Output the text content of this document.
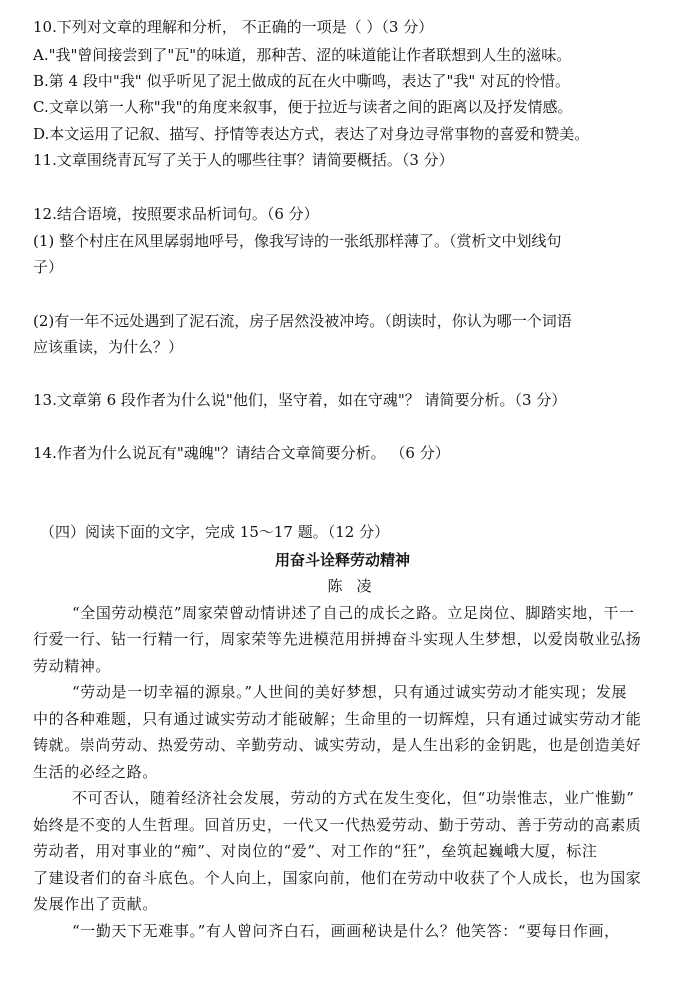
10.下列对文章的理解和分析， 不正确的一项是（ ）（3 分）
A."我"曾间接尝到了"瓦"的味道，那种苦、涩的味道能让作者联想到人生的滋味。
B.第 4 段中"我" 似乎听见了泥土做成的瓦在火中嘶鸣，表达了"我" 对瓦的怜惜。
C.文章以第一人称"我"的角度来叙事，便于拉近与读者之间的距离以及抒发情感。
D.本文运用了记叙、描写、抒情等表达方式，表达了对身边寻常事物的喜爱和赞美。
11.文章围绕青瓦写了关于人的哪些往事？请简要概括。（3 分）
12.结合语境，按照要求品析词句。（6 分）
(1) 整个村庄在风里孱弱地呼号，像我写诗的一张纸那样薄了。（赏析文中划线句
子）
(2)有一年不远处遇到了泥石流，房子居然没被冲垮。（朗读时，你认为哪一个词语
应该重读，为什么？）
13.文章第 6 段作者为什么说"他们，坚守着，如在守魂"？ 请简要分析。（3 分）
14.作者为什么说瓦有"魂魄"？请结合文章简要分析。 （6 分）
（四）阅读下面的文字，完成 15～17 题。（12 分）
用奋斗诠释劳动精神
陈凌
“全国劳动模范”周家荣曾动情讲述了自己的成长之路。立足岗位、脚踏实地，干一
行爱一行、钻一行精一行，周家荣等先进模范用拼搏奋斗实现人生梦想，以爱岗敬业弘扬
劳动精神。
“劳动是一切幸福的源泉。”人世间的美好梦想，只有通过诚实劳动才能实现；发展
中的各种难题，只有通过诚实劳动才能破解；生命里的一切辉煌，只有通过诚实劳动才能
铸就。崇尚劳动、热爱劳动、辛勤劳动、诚实劳动，是人生出彩的金钥匙，也是创造美好
生活的必经之路。
不可否认，随着经济社会发展，劳动的方式在发生变化，但“功崇惟志，业广惟勤”
始终是不变的人生哲理。回首历史，一代又一代热爱劳动、勤于劳动、善于劳动的高素质
劳动者，用对事业的“痴”、对岗位的“爱”、对工作的“狂”，垒筑起巍峨大厦，标注
了建设者们的奋斗底色。个人向上，国家向前，他们在劳动中收获了个人成长，也为国家
发展作出了贡献。
“一勤天下无难事。”有人曾问齐白石，画画秘诀是什么？他笑答：“要每日作画，
